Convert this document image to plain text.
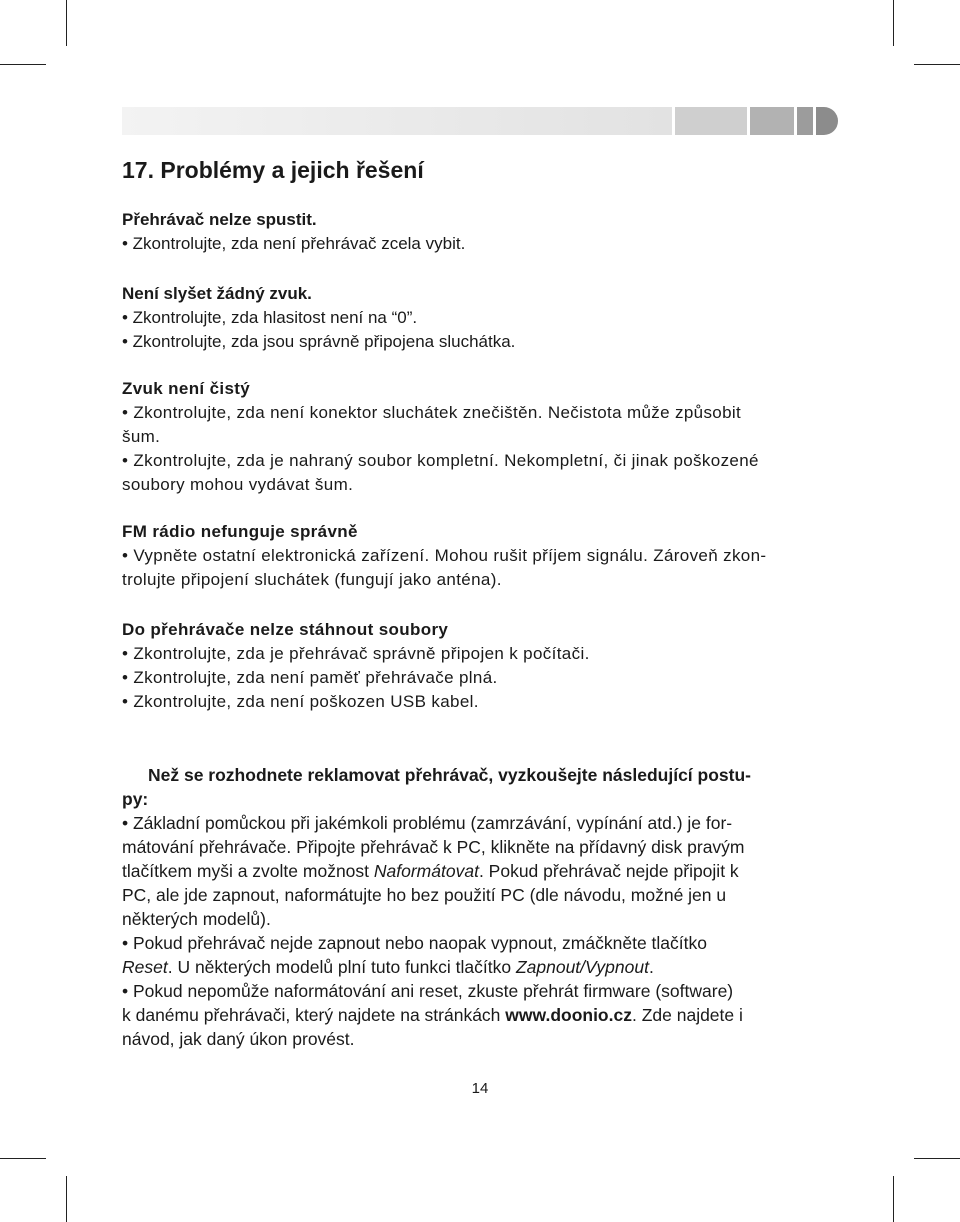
17. Problémy a jejich řešení
Přehrávač nelze spustit.
• Zkontrolujte, zda není přehrávač zcela vybit.
Není slyšet žádný zvuk.
• Zkontrolujte, zda hlasitost není na “0”.
• Zkontrolujte, zda jsou správně připojena sluchátka.
Zvuk není čistý
• Zkontrolujte, zda není konektor sluchátek znečištěn. Nečistota může způsobit
šum.
• Zkontrolujte, zda je nahraný soubor kompletní. Nekompletní, či jinak poškozené
soubory mohou vydávat šum.
FM rádio nefunguje správně
• Vypněte ostatní elektronická zařízení. Mohou rušit příjem signálu. Zároveň zkon-
trolujte připojení sluchátek (fungují jako anténa).
Do přehrávače nelze stáhnout soubory
• Zkontrolujte, zda je přehrávač správně připojen k počítači.
• Zkontrolujte, zda není paměť přehrávače plná.
• Zkontrolujte, zda není poškozen USB kabel.
Než se rozhodnete reklamovat přehrávač, vyzkoušejte následující postu-
py:
• Základní pomůckou při jakémkoli problému (zamrzávání, vypínání atd.) je for-
mátování přehrávače. Připojte přehrávač k PC, klikněte na přídavný disk pravým
tlačítkem myši a zvolte možnost Naformátovat. Pokud přehrávač nejde připojit k
PC, ale jde zapnout, naformátujte ho bez použití PC (dle návodu, možné jen u
některých modelů).
• Pokud přehrávač nejde zapnout nebo naopak vypnout, zmáčkněte tlačítko
Reset. U některých modelů plní tuto funkci tlačítko Zapnout/Vypnout.
• Pokud nepomůže naformátování ani reset, zkuste přehrát firmware (software)
k danému přehrávači, který najdete na stránkách www.doonio.cz. Zde najdete i
návod, jak daný úkon provést.
14
